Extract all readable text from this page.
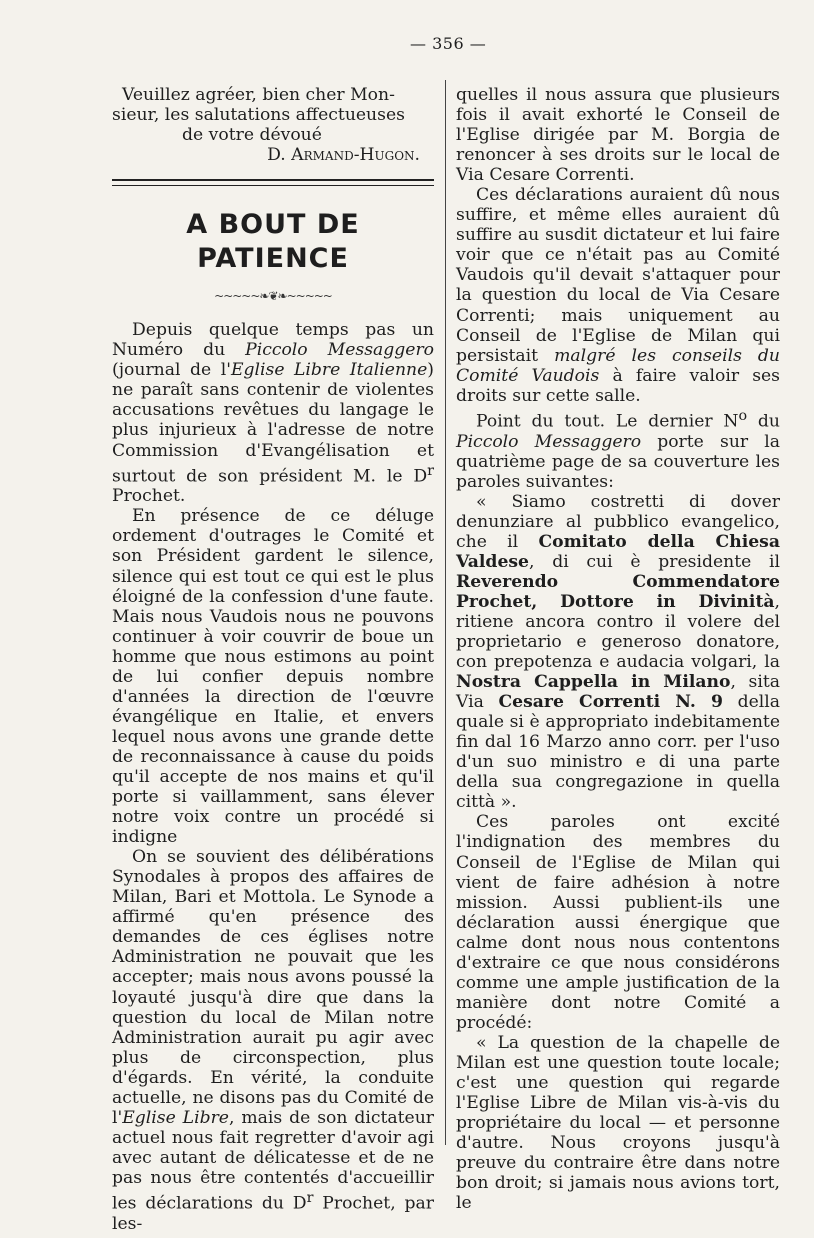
— 356 —

Veuillez agréer, bien cher Mon-

sieur, les salutations affectueuses

de votre dévoué

D. Armand-Hugon.

A BOUT DE PATIENCE
~~~~~❧❦❧~~~~~

Depuis quelque temps pas un Numéro du Piccolo Messaggero (journal de l'Eglise Libre Italienne) ne paraît sans contenir de violentes accusations revêtues du langage le plus injurieux à l'adresse de notre Commission d'Evangélisation et surtout de son président M. le $D^r$ Prochet.

En présence de ce déluge ordement d'outrages le Comité et son Président gardent le silence, silence qui est tout ce qui est le plus éloigné de la confession d'une faute. Mais nous Vaudois nous ne pouvons continuer à voir couvrir de boue un homme que nous estimons au point de lui confier depuis nombre d'années la direction de l'œuvre évangélique en Italie, et envers lequel nous avons une grande dette de reconnaissance à cause du poids qu'il accepte de nos mains et qu'il porte si vaillamment, sans élever notre voix contre un procédé si indigne

On se souvient des délibérations Synodales à propos des affaires de Milan, Bari et Mottola. Le Synode a affirmé qu'en présence des demandes de ces églises notre Administration ne pouvait que les accepter; mais nous avons poussé la loyauté jusqu'à dire que dans la question du local de Milan notre Administration aurait pu agir avec plus de circonspection, plus d'égards. En vérité, la conduite actuelle, ne disons pas du Comité de l'Eglise Libre, mais de son dictateur actuel nous fait regretter d'avoir agi avec autant de délicatesse et de ne pas nous être contentés d'accueillir les déclarations du $D^r$ Prochet, par les-

quelles il nous assura que plusieurs fois il avait exhorté le Conseil de l'Eglise dirigée par M. Borgia de renoncer à ses droits sur le local de Via Cesare Correnti.

Ces déclarations auraient dû nous suffire, et même elles auraient dû suffire au susdit dictateur et lui faire voir que ce n'était pas au Comité Vaudois qu'il devait s'attaquer pour la question du local de Via Cesare Correnti; mais uniquement au Conseil de l'Eglise de Milan qui persistait malgré les conseils du Comité Vaudois à faire valoir ses droits sur cette salle.

Point du tout. Le dernier $N^o$ du Piccolo Messaggero porte sur la quatrième page de sa couverture les paroles suivantes:

« Siamo costretti di dover denunziare al pubblico evangelico, che il Comitato della Chiesa Valdese, di cui è presidente il Reverendo Commendatore Prochet, Dottore in Divinità, ritiene ancora contro il volere del proprietario e generoso donatore, con prepotenza e audacia volgari, la Nostra Cappella in Milano, sita Via Cesare Correnti N. 9 della quale si è appropriato indebitamente fin dal 16 Marzo anno corr. per l'uso d'un suo ministro e di una parte della sua congregazione in quella città ».

Ces paroles ont excité l'indignation des membres du Conseil de l'Eglise de Milan qui vient de faire adhésion à notre mission. Aussi publient-ils une déclaration aussi énergique que calme dont nous nous contentons d'extraire ce que nous considérons comme une ample justification de la manière dont notre Comité a procédé:

« La question de la chapelle de Milan est une question toute locale; c'est une question qui regarde l'Eglise Libre de Milan vis-à-vis du propriétaire du local — et personne d'autre. Nous croyons jusqu'à preuve du contraire être dans notre bon droit; si jamais nous avions tort, le
